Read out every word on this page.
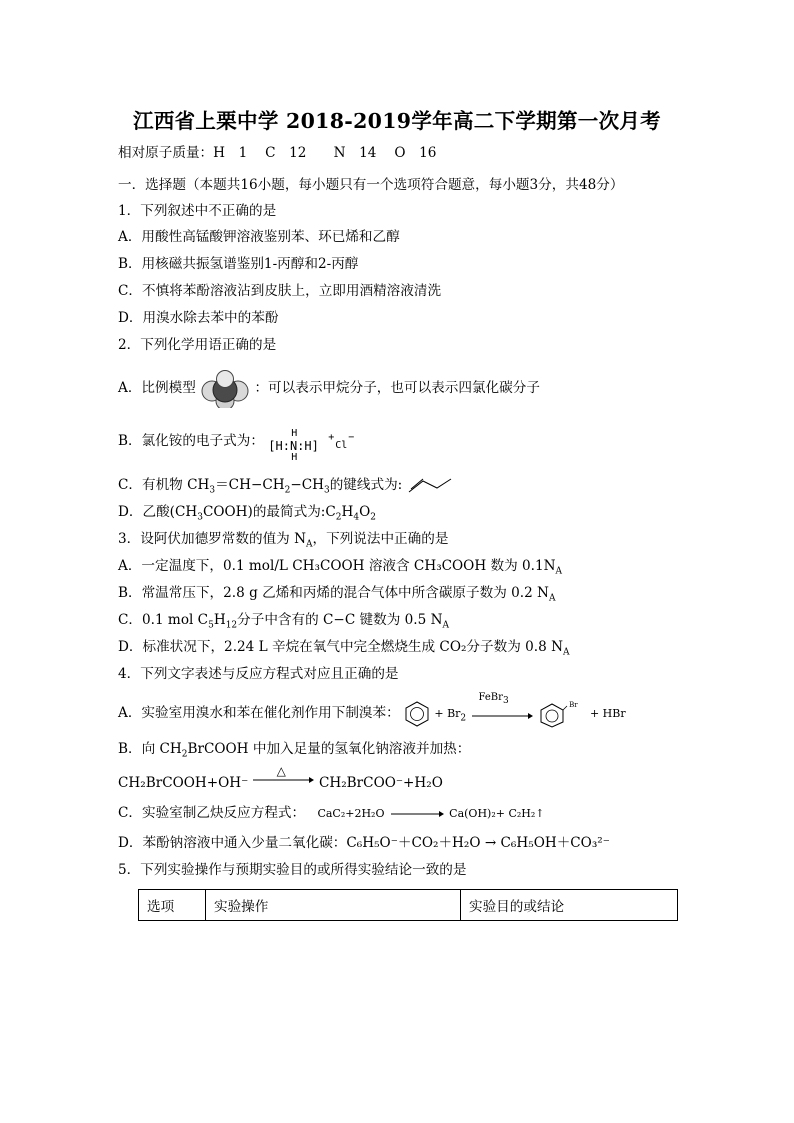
江西省上栗中学 2018-2019学年高二下学期第一次月考
相对原子质量：H　1　 C　12　　N　14　 O　16
一．选择题（本题共16小题，每小题只有一个选项符合题意，每小题3分，共48分）
1．下列叙述中不正确的是
A．用酸性高锰酸钾溶液鉴别苯、环已烯和乙醇
B．用核磁共振氢谱鉴别1-丙醇和2-丙醇
C．不慎将苯酚溶液沾到皮肤上，立即用酒精溶液清洗
D．用溴水除去苯中的苯酚
2．下列化学用语正确的是
A．比例模型	：可以表示甲烷分子，也可以表示四氯化碳分子
B．氯化铵的电子式为：	H
[H:N:H]
H
+
Cl
−
C．有机物 $CH_3=CH-CH_2-CH_3$的键线式为:
D．乙酸$(CH_3COOH)$的最简式为$:C_2H_4O_2$
3．设阿伏加德罗常数的值为 $N_A$，下列说法中正确的是
A．一定温度下，0.1 mol/L CH₃COOH 溶液含 CH₃COOH 数为 $0.1N_A$
B．常温常压下，2.8 g 乙烯和丙烯的混合气体中所含碳原子数为 0.2 $N_A$
C．0.1 mol $C_5H_{12}$分子中含有的 C−C 键数为 0.5 $N_A$
D．标准状况下，2.24 L 辛烷在氧气中完全燃烧生成 CO₂分子数为 0.8 $N_A$
4．下列文字表述与反应方程式对应且正确的是
A．实验室用溴水和苯在催化剂作用下制溴苯：	+ $Br_2$
FeBr$_3$	$^{Br}$ + HBr
B．向 $CH_2BrCOOH$ 中加入足量的氢氧化钠溶液并加热：
CH₂BrCOOH+OH⁻
△
CH₂BrCOO⁻+H₂O
C．实验室制乙炔反应方程式： CaC₂+2H₂O	Ca(OH)₂+ C₂H₂↑
D．苯酚钠溶液中通入少量二氧化碳：C₆H₅O⁻＋CO₂＋H₂O → C₆H₅OH＋CO₃²⁻
5．下列实验操作与预期实验目的或所得实验结论一致的是
选项	实验操作	实验目的或结论
